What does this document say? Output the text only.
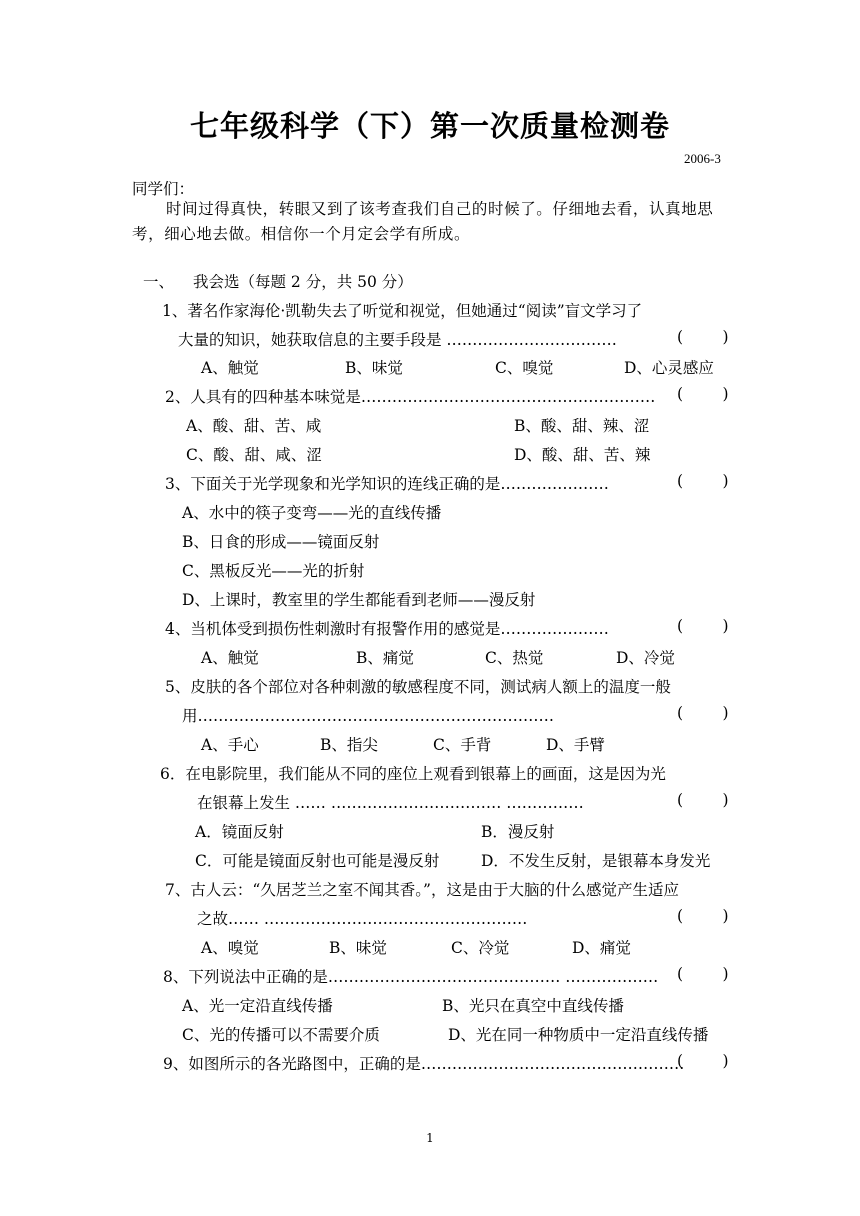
七年级科学（下）第一次质量检测卷
2006-3
同学们：
时间过得真快，转眼又到了该考查我们自己的时候了。仔细地去看，认真地思考，细心地去做。相信你一个月定会学有所成。
一、 我会选（每题 2 分，共 50 分）
1、著名作家海伦·凯勒失去了听觉和视觉，但她通过“阅读”盲文学习了
大量的知识，她获取信息的主要手段是 ……………………………	(        )
A、触觉	B、味觉	C、嗅觉	D、心灵感应
2、人具有的四种基本味觉是………………………………………………… (        )
A、酸、甜、苦、咸	B、酸、甜、辣、涩
C、酸、甜、咸、涩	D、酸、甜、苦、辣
3、下面关于光学现象和光学知识的连线正确的是…………………	(        )
A、水中的筷子变弯——光的直线传播
B、日食的形成——镜面反射
C、黑板反光——光的折射
D、上课时，教室里的学生都能看到老师——漫反射
4、当机体受到损伤性刺激时有报警作用的感觉是…………………	(        )
A、触觉	B、痛觉	C、热觉	D、冷觉
5、皮肤的各个部位对各种刺激的敏感程度不同，测试病人额上的温度一般
用……………………………………………………………	(        )
A、手心	B、指尖	C、手背	D、手臂
6．在电影院里，我们能从不同的座位上观看到银幕上的画面，这是因为光
在银幕上发生 …… …………………………… ……………	(        )
A．镜面反射	B．漫反射
C．可能是镜面反射也可能是漫反射	D．不发生反射，是银幕本身发光
7、古人云：“久居芝兰之室不闻其香。”，这是由于大脑的什么感觉产生适应
之故…… ……………………………………………	(        )
A、嗅觉	B、味觉	C、冷觉	D、痛觉
8、下列说法中正确的是……………………………………… ……………… (        )
A、光一定沿直线传播	B、光只在真空中直线传播
C、光的传播可以不需要介质	D、光在同一种物质中一定沿直线传播
9、如图所示的各光路图中，正确的是……………………………………………
(        )
1
